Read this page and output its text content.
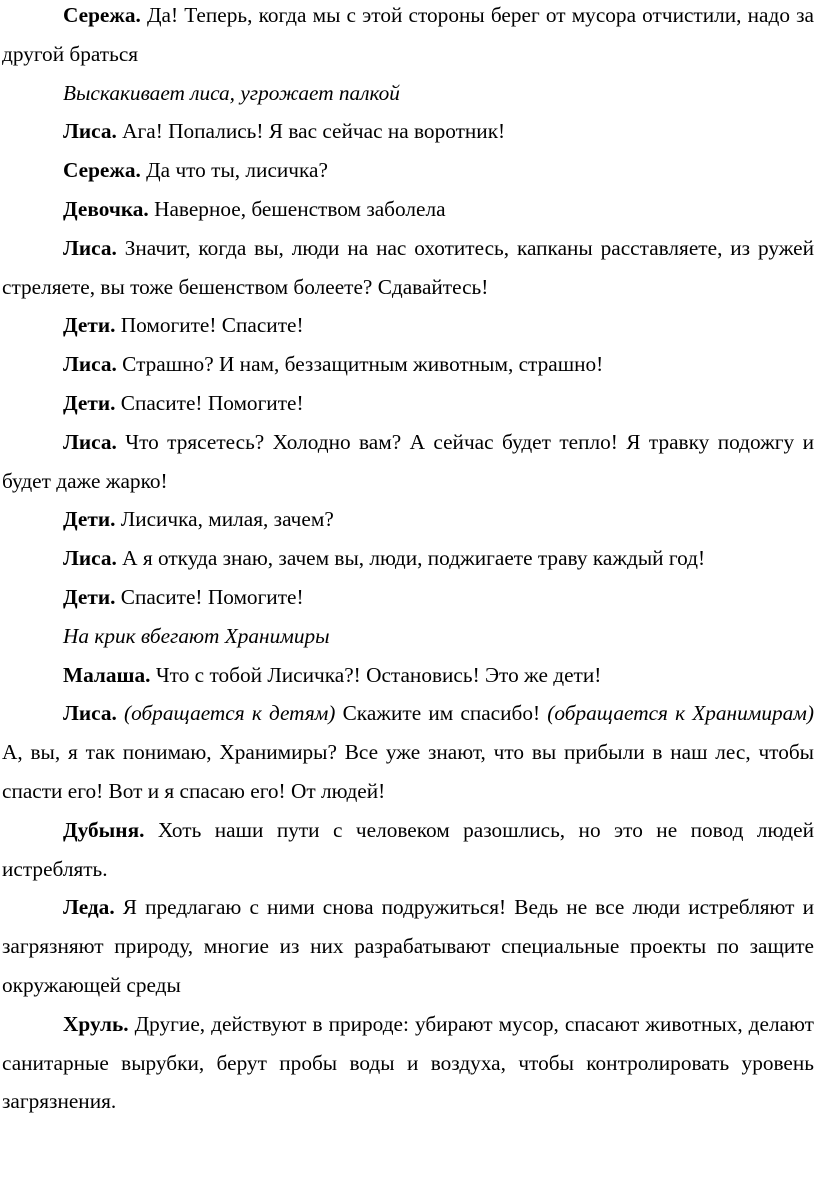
Сережа. Да! Теперь, когда мы с этой стороны берег от мусора отчистили, надо за другой браться

Выскакивает лиса, угрожает палкой

Лиса. Ага! Попались! Я вас сейчас на воротник!

Сережа. Да что ты, лисичка?

Девочка. Наверное, бешенством заболела

Лиса. Значит, когда вы, люди на нас охотитесь, капканы расставляете, из ружей стреляете, вы тоже бешенством болеете? Сдавайтесь!

Дети. Помогите! Спасите!

Лиса. Страшно? И нам, беззащитным животным, страшно!

Дети. Спасите! Помогите!

Лиса. Что трясетесь? Холодно вам? А сейчас будет тепло! Я травку подожгу и будет даже жарко!

Дети. Лисичка, милая, зачем?

Лиса. А я откуда знаю, зачем вы, люди, поджигаете траву каждый год!

Дети. Спасите! Помогите!

На крик вбегают Хранимиры

Малаша. Что с тобой Лисичка?! Остановись! Это же дети!

Лиса. (обращается к детям) Скажите им спасибо! (обращается к Хранимирам) А, вы, я так понимаю, Хранимиры? Все уже знают, что вы прибыли в наш лес, чтобы спасти его! Вот и я спасаю его! От людей!

Дубыня. Хоть наши пути с человеком разошлись, но это не повод людей истреблять.

Леда. Я предлагаю с ними снова подружиться! Ведь не все люди истребляют и загрязняют природу, многие из них разрабатывают специальные проекты по защите окружающей среды

Хруль. Другие, действуют в природе: убирают мусор, спасают животных, делают санитарные вырубки, берут пробы воды и воздуха, чтобы контролировать уровень загрязнения.
